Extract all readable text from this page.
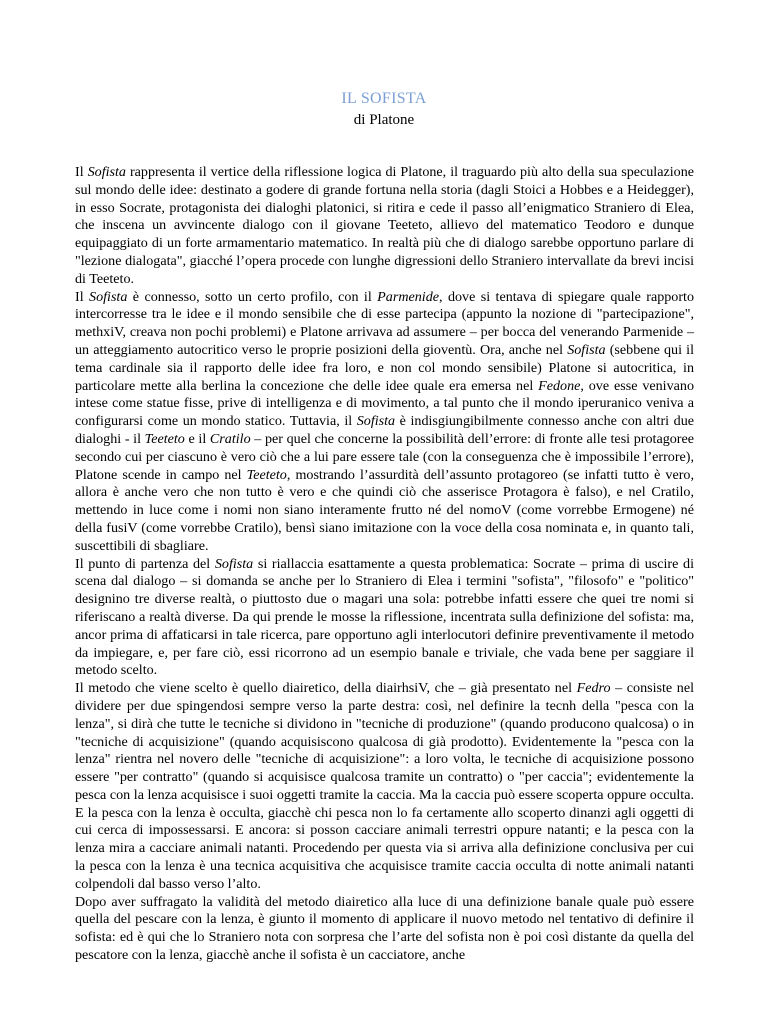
IL SOFISTA
di Platone

Il Sofista rappresenta il vertice della riflessione logica di Platone, il traguardo più alto della sua speculazione sul mondo delle idee: destinato a godere di grande fortuna nella storia (dagli Stoici a Hobbes e a Heidegger), in esso Socrate, protagonista dei dialoghi platonici, si ritira e cede il passo all’enigmatico Straniero di Elea, che inscena un avvincente dialogo con il giovane Teeteto, allievo del matematico Teodoro e dunque equipaggiato di un forte armamentario matematico. In realtà più che di dialogo sarebbe opportuno parlare di "lezione dialogata", giacché l’opera procede con lunghe digressioni dello Straniero intervallate da brevi incisi di Teeteto.

Il Sofista è connesso, sotto un certo profilo, con il Parmenide, dove si tentava di spiegare quale rapporto intercorresse tra le idee e il mondo sensibile che di esse partecipa (appunto la nozione di "partecipazione", methxiV, creava non pochi problemi) e Platone arrivava ad assumere – per bocca del venerando Parmenide – un atteggiamento autocritico verso le proprie posizioni della gioventù. Ora, anche nel Sofista (sebbene qui il tema cardinale sia il rapporto delle idee fra loro, e non col mondo sensibile) Platone si autocritica, in particolare mette alla berlina la concezione che delle idee quale era emersa nel Fedone, ove esse venivano intese come statue fisse, prive di intelligenza e di movimento, a tal punto che il mondo iperuranico veniva a configurarsi come un mondo statico. Tuttavia, il Sofista è indisgiungibilmente connesso anche con altri due dialoghi - il Teeteto e il Cratilo – per quel che concerne la possibilità dell’errore: di fronte alle tesi protagoree secondo cui per ciascuno è vero ciò che a lui pare essere tale (con la conseguenza che è impossibile l’errore), Platone scende in campo nel Teeteto, mostrando l’assurdità dell’assunto protagoreo (se infatti tutto è vero, allora è anche vero che non tutto è vero e che quindi ciò che asserisce Protagora è falso), e nel Cratilo, mettendo in luce come i nomi non siano interamente frutto né del nomoV (come vorrebbe Ermogene) né della fusiV (come vorrebbe Cratilo), bensì siano imitazione con la voce della cosa nominata e, in quanto tali, suscettibili di sbagliare.

Il punto di partenza del Sofista si riallaccia esattamente a questa problematica: Socrate – prima di uscire di scena dal dialogo – si domanda se anche per lo Straniero di Elea i termini "sofista", "filosofo" e "politico" designino tre diverse realtà, o piuttosto due o magari una sola: potrebbe infatti essere che quei tre nomi si riferiscano a realtà diverse. Da qui prende le mosse la riflessione, incentrata sulla definizione del sofista: ma, ancor prima di affaticarsi in tale ricerca, pare opportuno agli interlocutori definire preventivamente il metodo da impiegare, e, per fare ciò, essi ricorrono ad un esempio banale e triviale, che vada bene per saggiare il metodo scelto.

Il metodo che viene scelto è quello diairetico, della diairhsiV, che – già presentato nel Fedro – consiste nel dividere per due spingendosi sempre verso la parte destra: così, nel definire la tecnh della "pesca con la lenza", si dirà che tutte le tecniche si dividono in "tecniche di produzione" (quando producono qualcosa) o in "tecniche di acquisizione" (quando acquisiscono qualcosa di già prodotto). Evidentemente la "pesca con la lenza" rientra nel novero delle "tecniche di acquisizione": a loro volta, le tecniche di acquisizione possono essere "per contratto" (quando si acquisisce qualcosa tramite un contratto) o "per caccia"; evidentemente la pesca con la lenza acquisisce i suoi oggetti tramite la caccia. Ma la caccia può essere scoperta oppure occulta. E la pesca con la lenza è occulta, giacchè chi pesca non lo fa certamente allo scoperto dinanzi agli oggetti di cui cerca di impossessarsi. E ancora: si posson cacciare animali terrestri oppure natanti; e la pesca con la lenza mira a cacciare animali natanti. Procedendo per questa via si arriva alla definizione conclusiva per cui la pesca con la lenza è una tecnica acquisitiva che acquisisce tramite caccia occulta di notte animali natanti colpendoli dal basso verso l’alto.

Dopo aver suffragato la validità del metodo diairetico alla luce di una definizione banale quale può essere quella del pescare con la lenza, è giunto il momento di applicare il nuovo metodo nel tentativo di definire il sofista: ed è qui che lo Straniero nota con sorpresa che l’arte del sofista non è poi così distante da quella del pescatore con la lenza, giacchè anche il sofista è un cacciatore, anche
